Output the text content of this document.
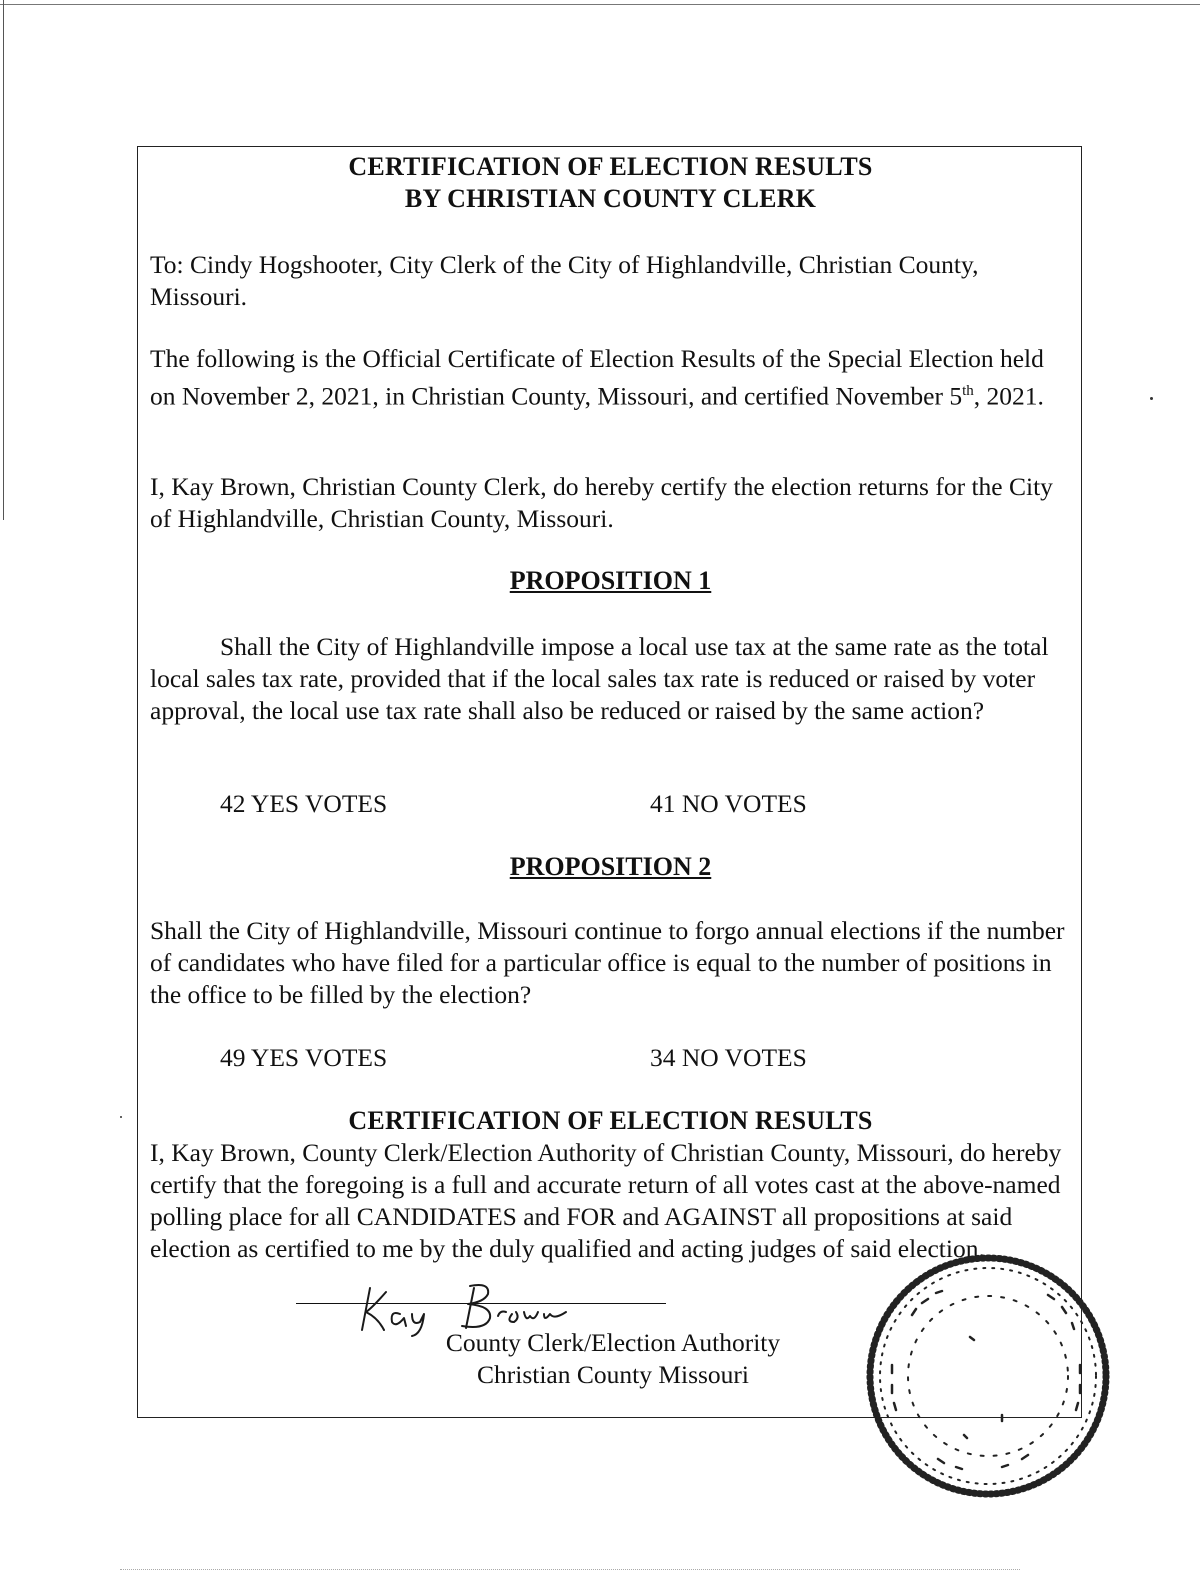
CERTIFICATION OF ELECTION RESULTS
BY CHRISTIAN COUNTY CLERK

To: Cindy Hogshooter, City Clerk of the City of Highlandville, Christian County, Missouri.

The following is the Official Certificate of Election Results of the Special Election held on November 2, 2021, in Christian County, Missouri, and certified November 5th, 2021.

I, Kay Brown, Christian County Clerk, do hereby certify the election returns for the City of Highlandville, Christian County, Missouri.

PROPOSITION 1

Shall the City of Highlandville impose a local use tax at the same rate as the total local sales tax rate, provided that if the local sales tax rate is reduced or raised by voter approval, the local use tax rate shall also be reduced or raised by the same action?

42 YES VOTES	41 NO VOTES
PROPOSITION 2

Shall the City of Highlandville, Missouri continue to forgo annual elections if the number of candidates who have filed for a particular office is equal to the number of positions in the office to be filled by the election?

49 YES VOTES	34 NO VOTES
CERTIFICATION OF ELECTION RESULTS

I, Kay Brown, County Clerk/Election Authority of Christian County, Missouri, do hereby certify that the foregoing is a full and accurate return of all votes cast at the above-named polling place for all CANDIDATES and FOR and AGAINST all propositions at said election as certified to me by the duly qualified and acting judges of said election.

County Clerk/Election Authority
Christian County Missouri
